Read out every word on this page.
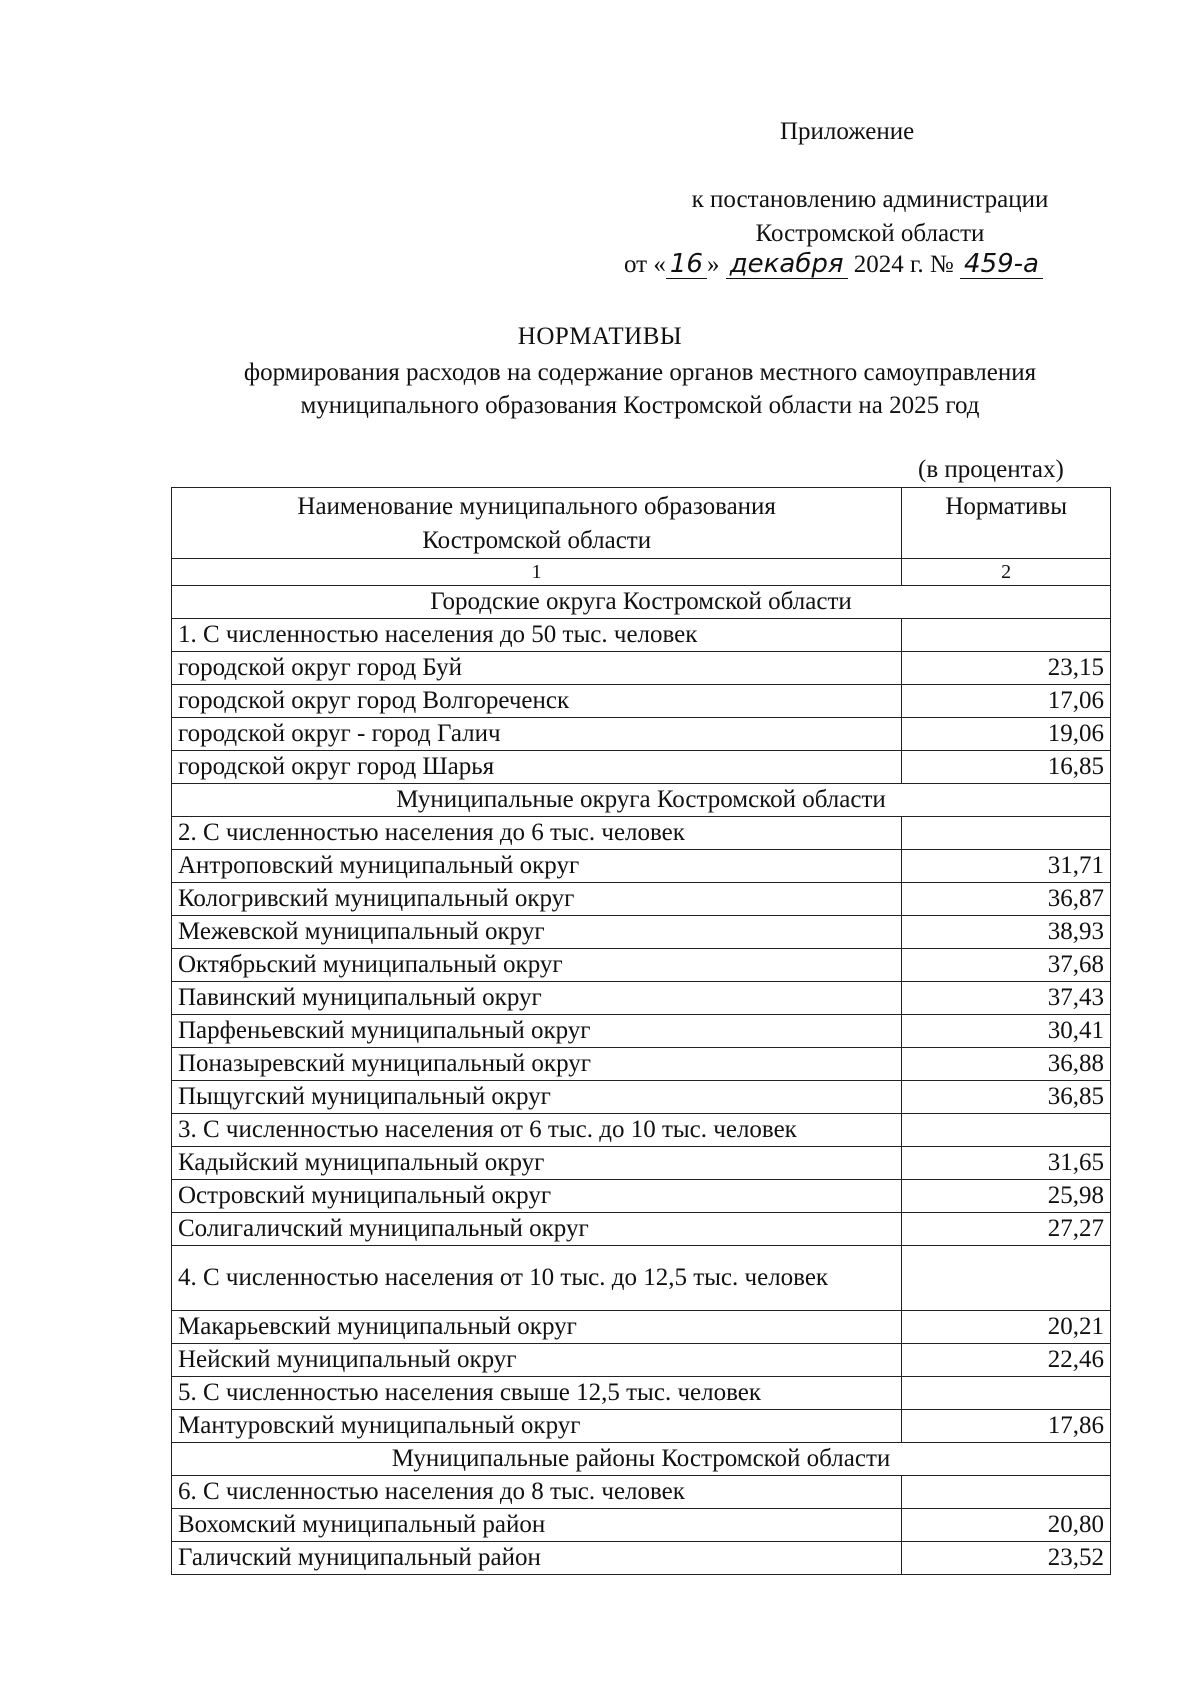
Приложение
к постановлению администрации
Костромской области
от « 16 » декабря 2024 г. № 459-а
НОРМАТИВЫ
формирования расходов на содержание органов местного самоуправления
муниципального образования Костромской области на 2025 год
(в процентах)
Наименование муниципального образования
Костромской области	Нормативы
1	2
Городские округа Костромской области	
1. С численностью населения до 50 тыс. человек	
городской округ город Буй	23,15
городской округ город Волгореченск	17,06
городской округ - город Галич	19,06
городской округ город Шарья	16,85
Муниципальные округа Костромской области	
2. С численностью населения до 6 тыс. человек	
Антроповский муниципальный округ	31,71
Кологривский муниципальный округ	36,87
Межевской муниципальный округ	38,93
Октябрьский муниципальный округ	37,68
Павинский муниципальный округ	37,43
Парфеньевский муниципальный округ	30,41
Поназыревский муниципальный округ	36,88
Пыщугский муниципальный округ	36,85
3. С численностью населения от 6 тыс. до 10 тыс. человек	
Кадыйский муниципальный округ	31,65
Островский муниципальный округ	25,98
Солигаличский муниципальный округ	27,27
4. С численностью населения от 10 тыс. до 12,5 тыс. человек	
Макарьевский муниципальный округ	20,21
Нейский муниципальный округ	22,46
5. С численностью населения свыше 12,5 тыс. человек	
Мантуровский муниципальный округ	17,86
Муниципальные районы Костромской области	
6. С численностью населения до 8 тыс. человек	
Вохомский муниципальный район	20,80
Галичский муниципальный район	23,52
